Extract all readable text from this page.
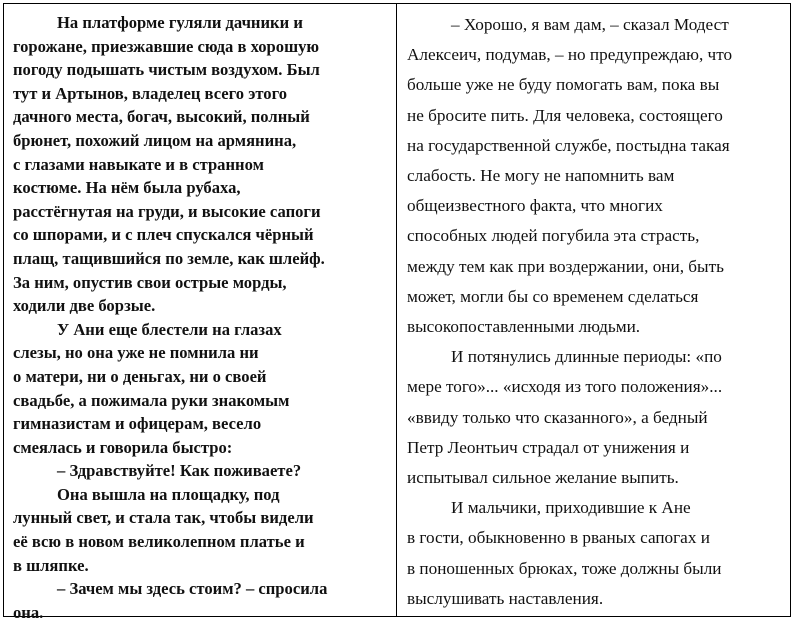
На платформе гуляли дачники и
горожане, приезжавшие сюда в хорошую
погоду подышать чистым воздухом. Был
тут и Артынов, владелец всего этого
дачного места, богач, высокий, полный
брюнет, похожий лицом на армянина,
с глазами навыкате и в странном
костюме. На нём была рубаха,
расстёгнутая на груди, и высокие сапоги
со шпорами, и с плеч спускался чёрный
плащ, тащившийся по земле, как шлейф.
За ним, опустив свои острые морды,
ходили две борзые.
У Ани еще блестели на глазах
слезы, но она уже не помнила ни
о матери, ни о деньгах, ни о своей
свадьбе, а пожимала руки знакомым
гимназистам и офицерам, весело
смеялась и говорила быстро:
– Здравствуйте! Как поживаете?
Она вышла на площадку, под
лунный свет, и стала так, чтобы видели
её всю в новом великолепном платье и
в шляпке.
– Зачем мы здесь стоим? – спросила
она.
– Хорошо, я вам дам, – сказал Модест
Алексеич, подумав, – но предупреждаю, что
больше уже не буду помогать вам, пока вы
не бросите пить. Для человека, состоящего
на государственной службе, постыдна такая
слабость. Не могу не напомнить вам
общеизвестного факта, что многих
способных людей погубила эта страсть,
между тем как при воздержании, они, быть
может, могли бы со временем сделаться
высокопоставленными людьми.
И потянулись длинные периоды: «по
мере того»... «исходя из того положения»...
«ввиду только что сказанного», а бедный
Петр Леонтьич страдал от унижения и
испытывал сильное желание выпить.
И мальчики, приходившие к Ане
в гости, обыкновенно в рваных сапогах и
в поношенных брюках, тоже должны были
выслушивать наставления.
